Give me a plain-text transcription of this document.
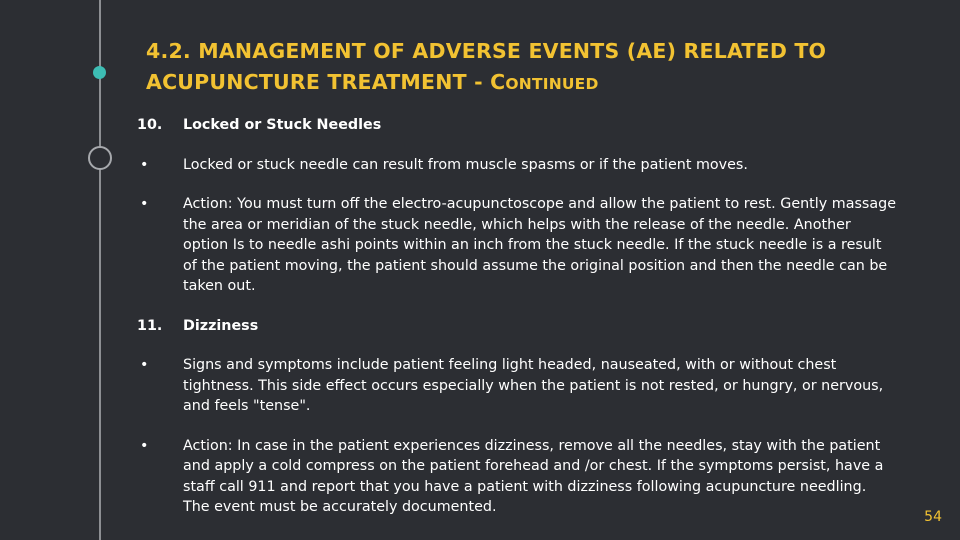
4.2. MANAGEMENT OF ADVERSE EVENTS (AE) RELATED TO
ACUPUNCTURE TREATMENT - CONTINUED
10.	Locked or Stuck Needles
•	Locked or stuck needle can result from muscle spasms or if the patient moves.
•	Action: You must turn off the electro-acupunctoscope and allow the patient to rest. Gently massage the area or meridian of the stuck needle, which helps with the release of the needle. Another option Is to needle ashi points within an inch from the stuck needle. If the stuck needle is a result of the patient moving, the patient should assume the original position and then the needle can be taken out.
11.	Dizziness
•	Signs and symptoms include patient feeling light headed, nauseated, with or without chest tightness. This side effect occurs especially when the patient is not rested, or hungry, or nervous, and feels "tense".
•	Action: In case in the patient experiences dizziness, remove all the needles, stay with the patient and apply a cold compress on the patient forehead and /or chest. If the symptoms persist, have a staff call 911 and report that you have a patient with dizziness following acupuncture needling. The event must be accurately documented.
54
